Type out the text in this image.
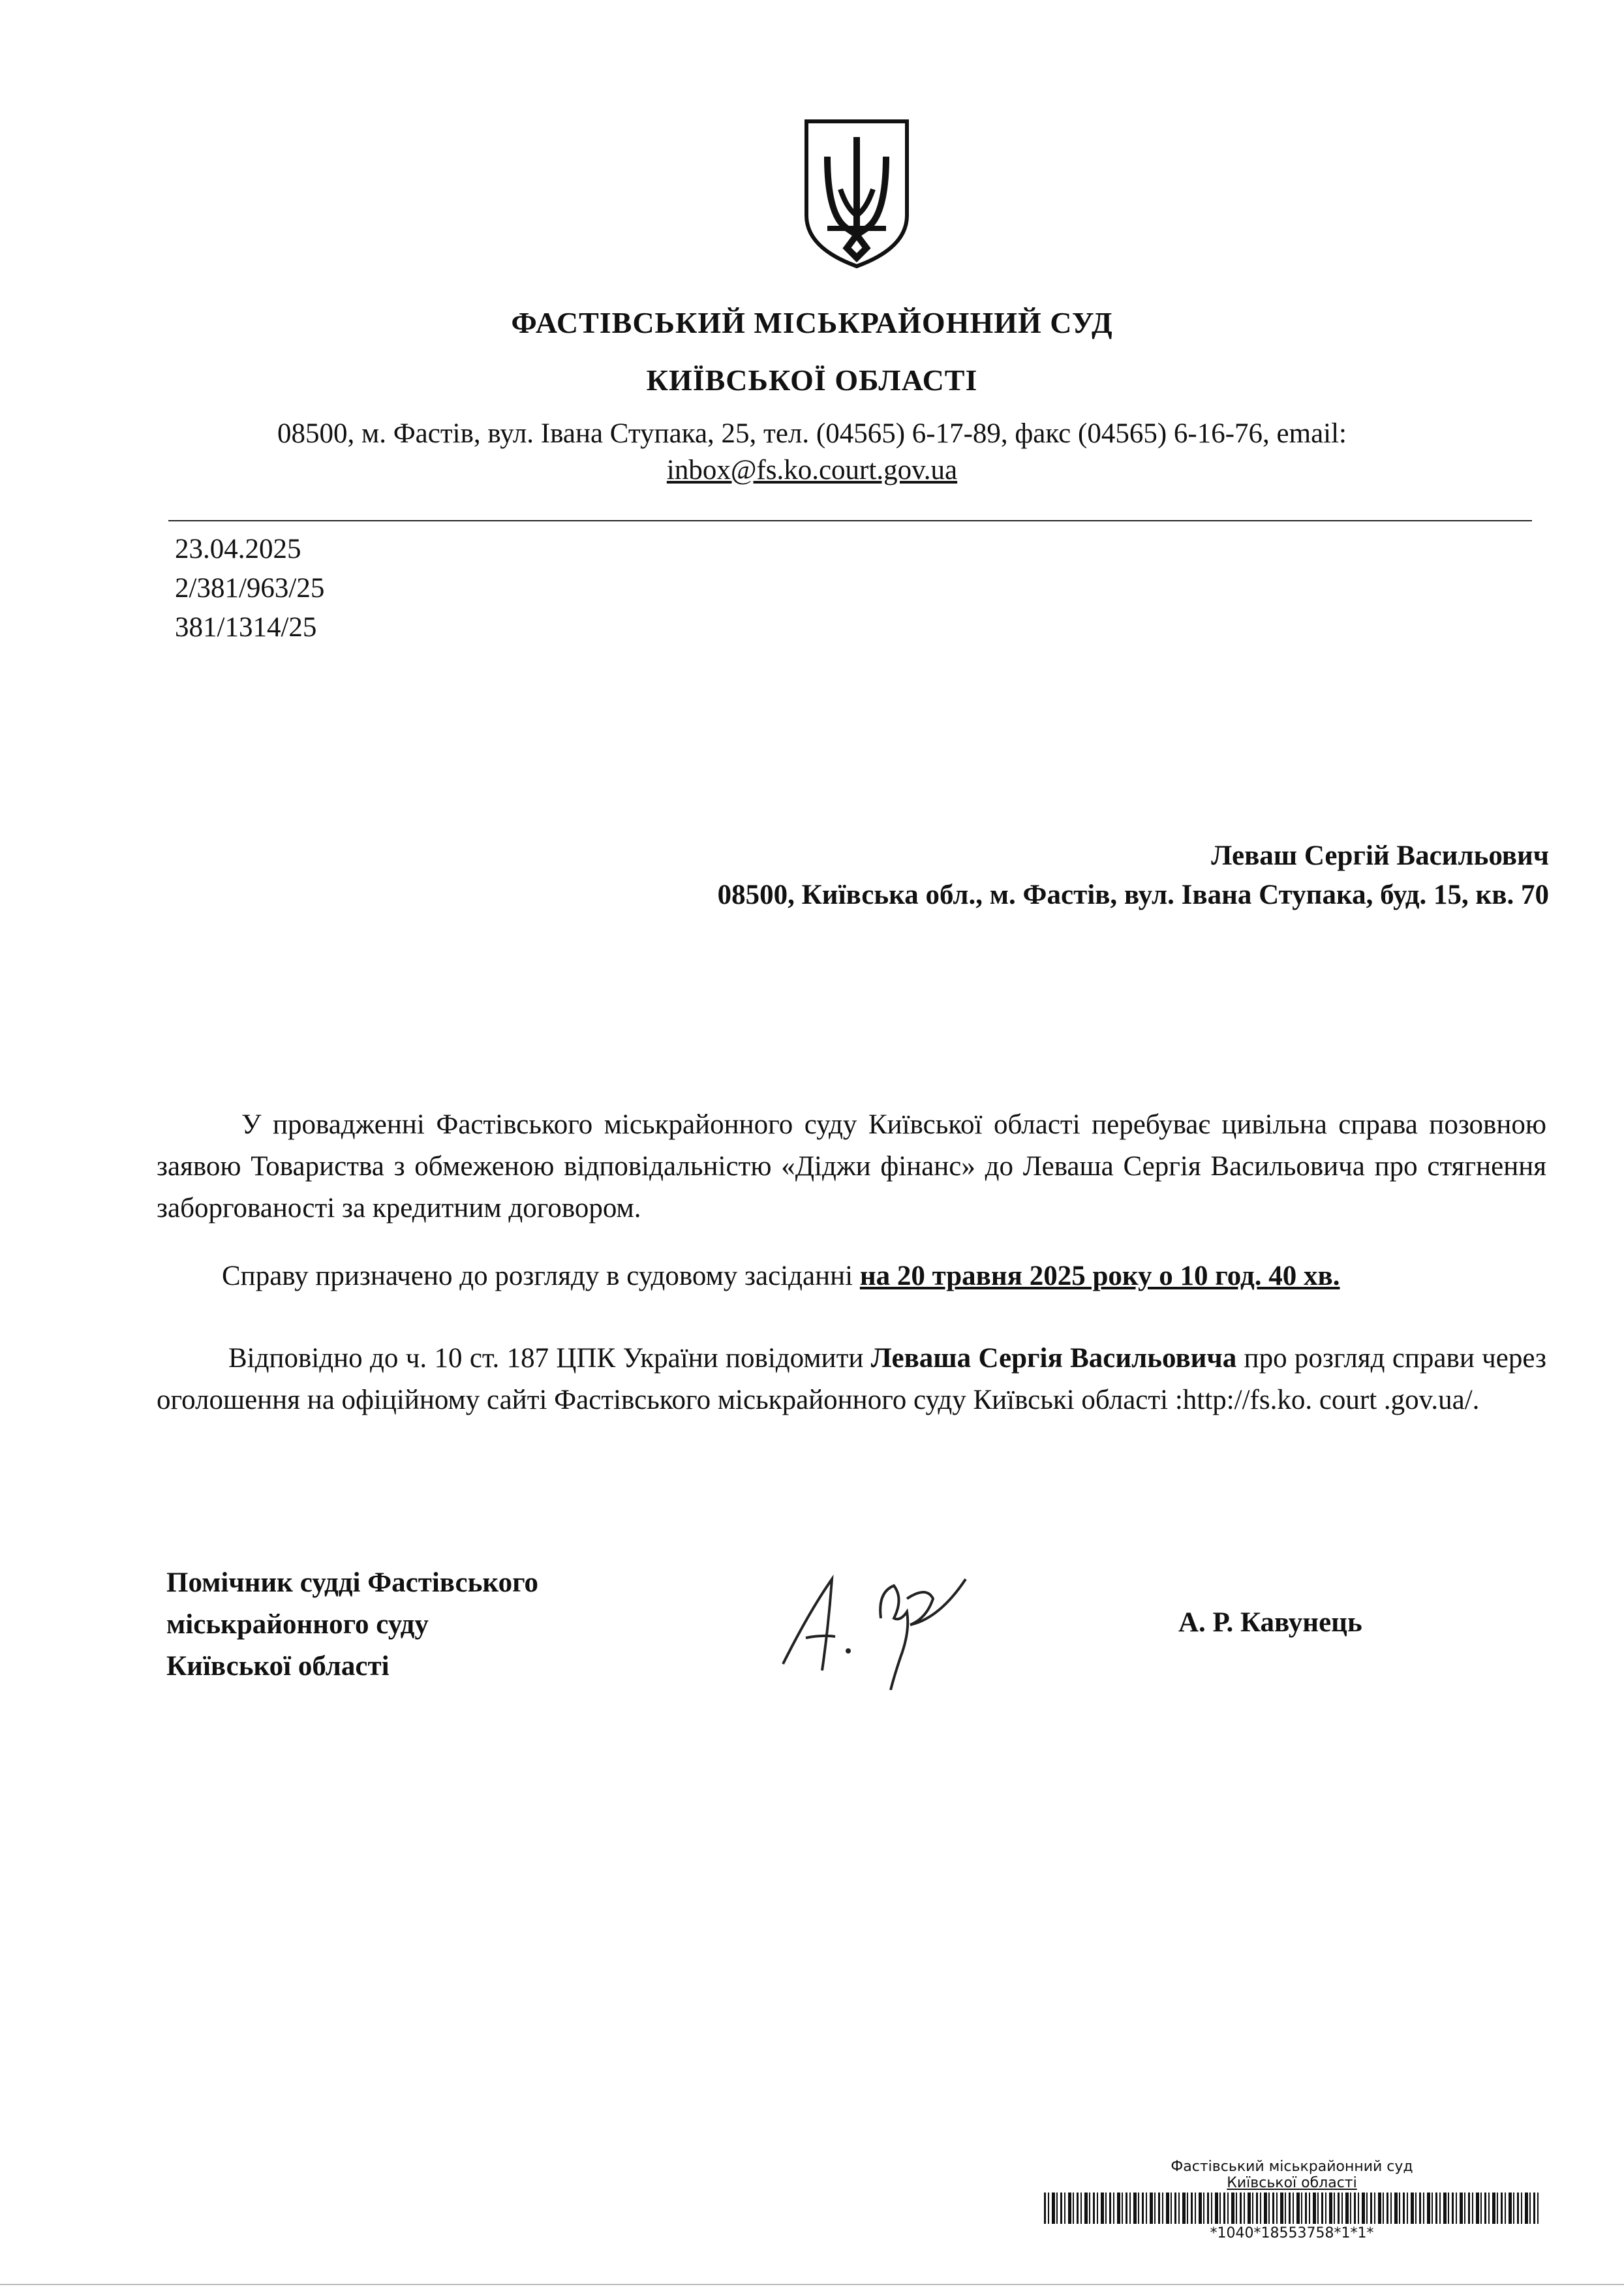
ФАСТІВСЬКИЙ МІСЬКРАЙОННИЙ СУД
КИЇВСЬКОЇ ОБЛАСТІ
08500, м. Фастів, вул. Івана Ступака, 25, тел. (04565) 6-17-89, факс (04565) 6-16-76, email:
inbox@fs.ko.court.gov.ua
23.04.2025
2/381/963/25
381/1314/25
Леваш Сергій Васильович
08500, Київська обл., м. Фастів, вул. Івана Ступака, буд. 15, кв. 70
У провадженні Фастівського міськрайонного суду Київської області перебуває цивільна справа позовною заявою Товариства з обмеженою відповідальністю «Діджи фінанс» до Леваша Сергія Васильовича про стягнення заборгованості за кредитним договором.
Справу призначено до розгляду в судовому засіданні на 20 травня 2025 року о 10 год. 40 хв.
Відповідно до ч. 10 ст. 187 ЦПК України повідомити Леваша Сергія Васильовича про розгляд справи через оголошення на офіційному сайті Фастівського міськрайонного суду Київські області :http://fs.ko. court .gov.ua/.
Помічник судді Фастівського
міськрайонного суду
Київської області
А. Р. Кавунець
Фастівський міськрайонний суд
Київської області
*1040*18553758*1*1*
